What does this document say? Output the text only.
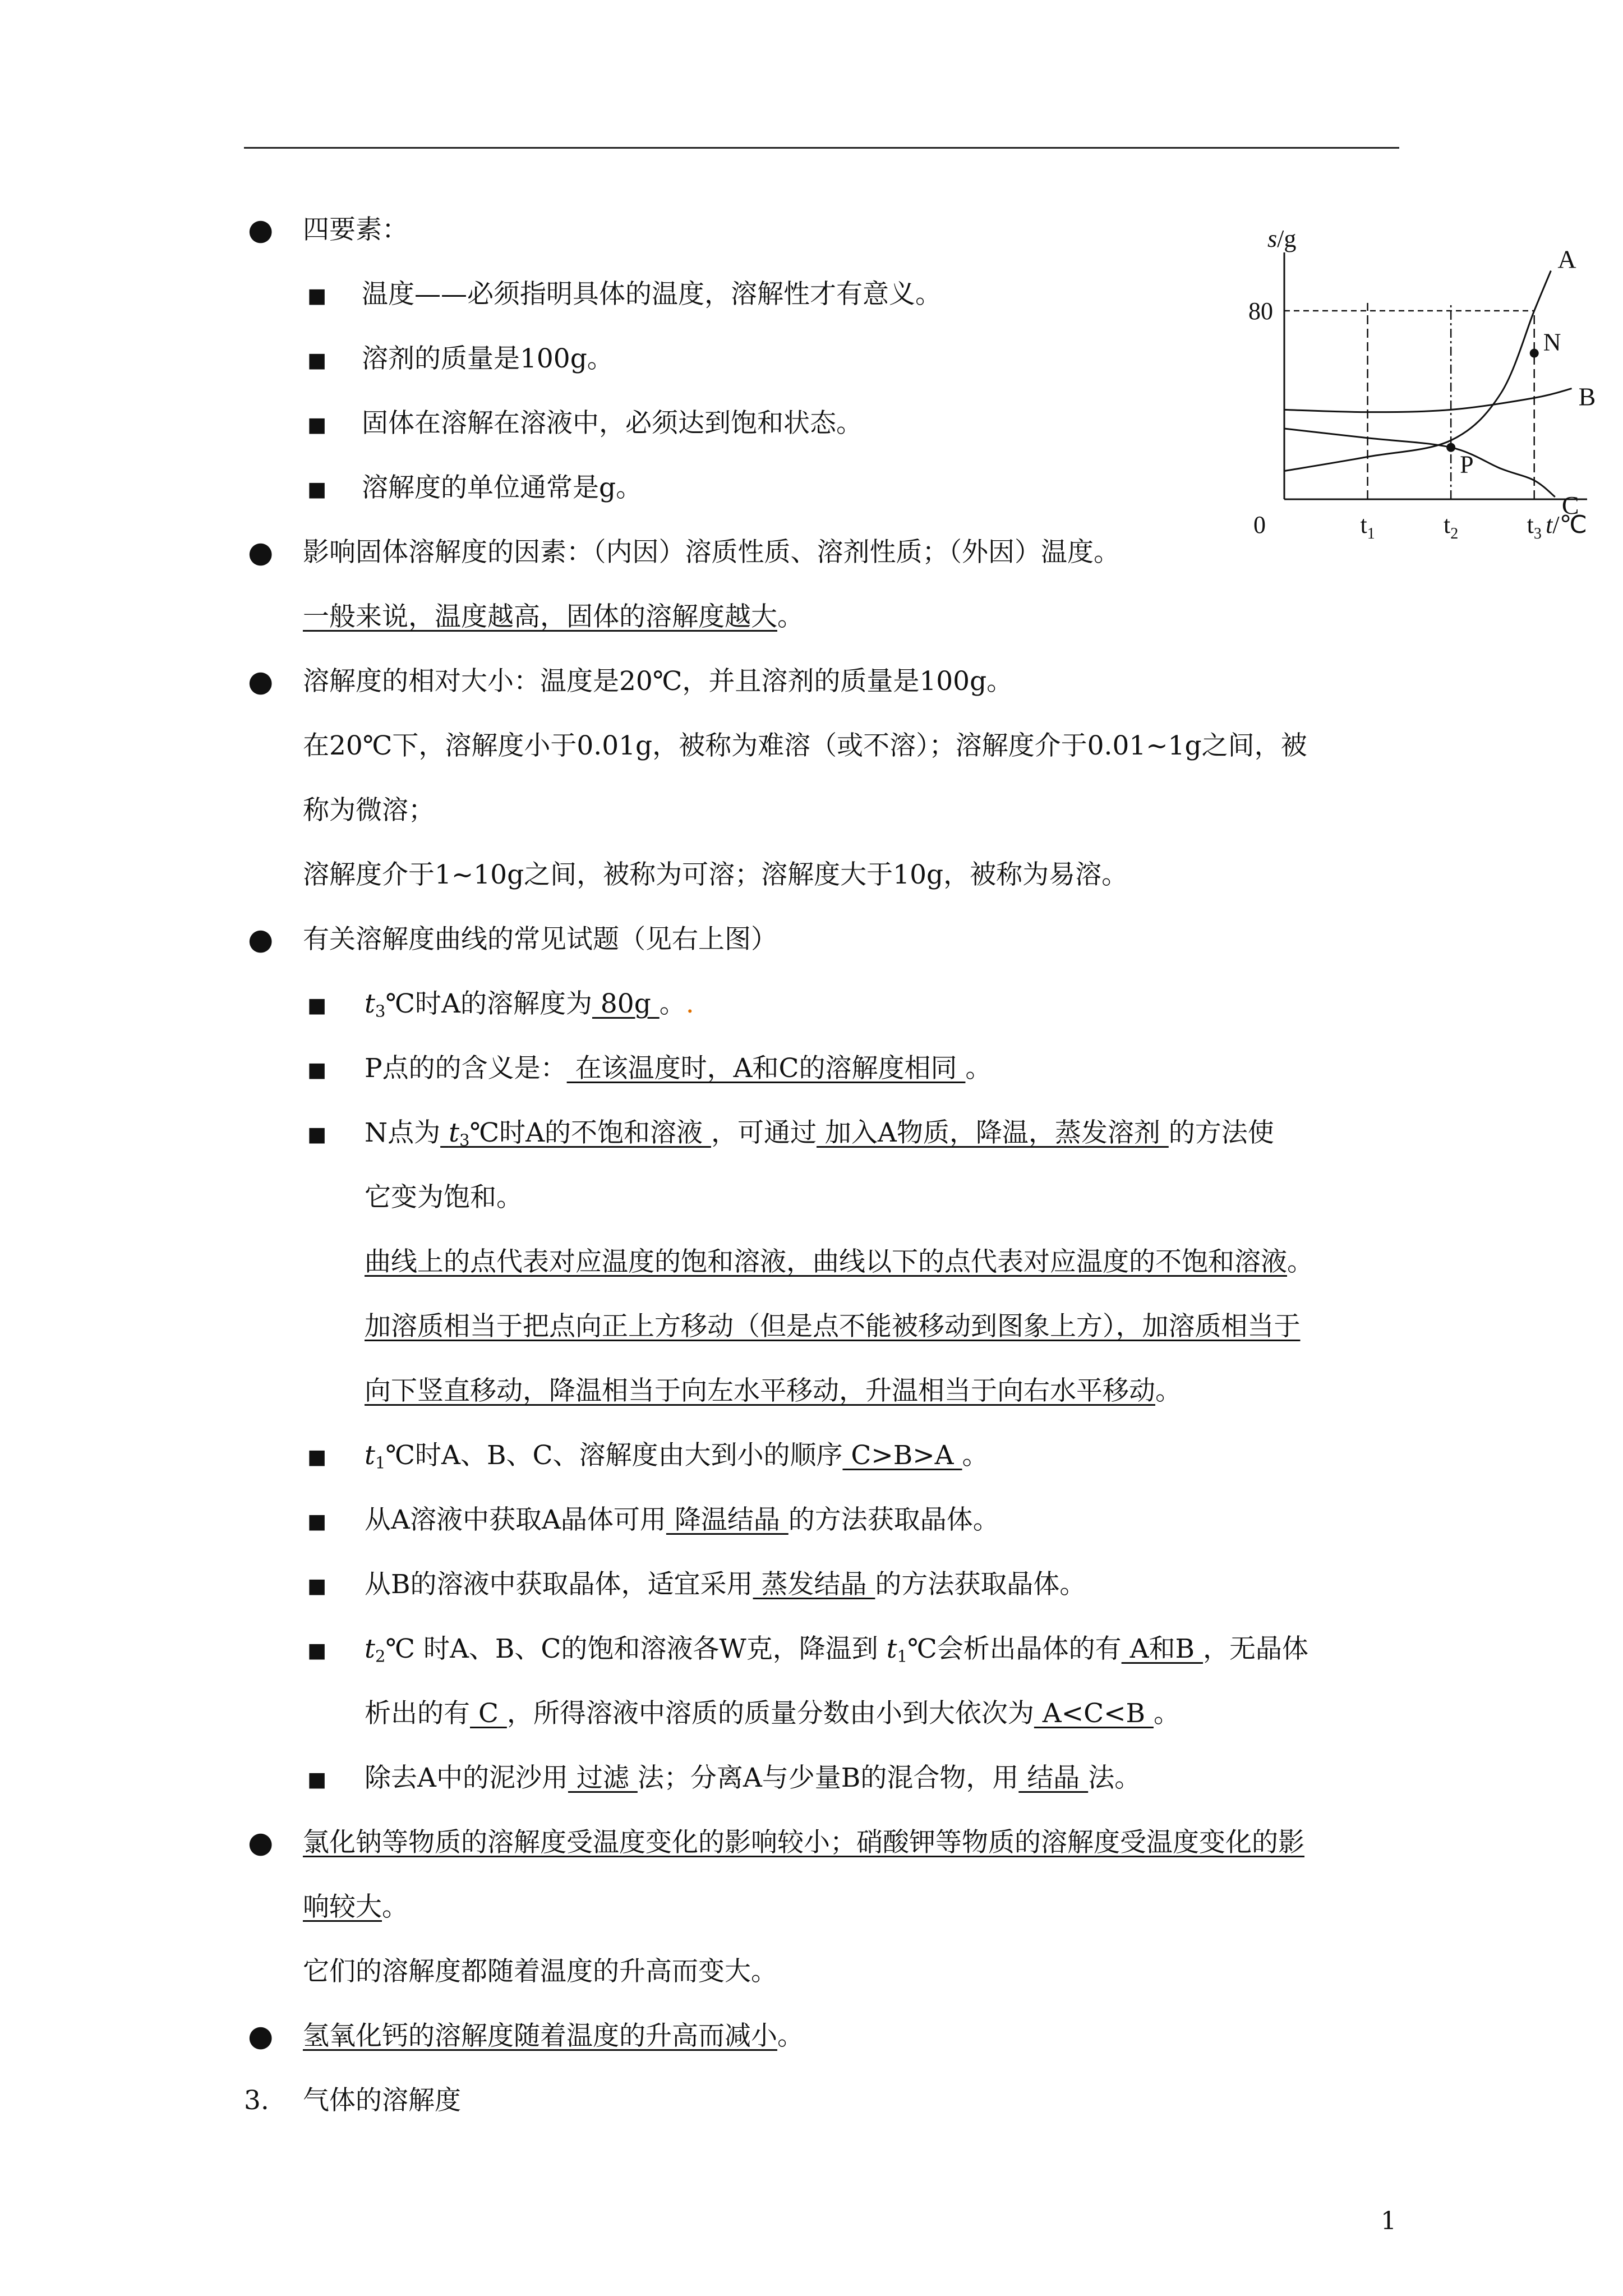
● 四要素：
■ 温度——必须指明具体的温度，溶解性才有意义。
■ 溶剂的质量是100g。
■ 固体在溶解在溶液中，必须达到饱和状态。
■ 溶解度的单位通常是g。
● 影响固体溶解度的因素：（内因）溶质性质、溶剂性质；（外因）温度。
一般来说，温度越高，固体的溶解度越大。
● 溶解度的相对大小：温度是20℃，并且溶剂的质量是100g。
在20℃下，溶解度小于0.01g，被称为难溶（或不溶）；溶解度介于0.01~1g之间，被
称为微溶；
溶解度介于1~10g之间，被称为可溶；溶解度大于10g，被称为易溶。
● 有关溶解度曲线的常见试题（见右上图）
■ $t_3℃$时A的溶解度为 80g 。.
■ P点的的含义是： 在该温度时，A和C的溶解度相同 。
■ N点为 $t_3℃$时A的不饱和溶液 ，可通过 加入A物质，降温，蒸发溶剂 的方法使
它变为饱和。
曲线上的点代表对应温度的饱和溶液，曲线以下的点代表对应温度的不饱和溶液。
加溶质相当于把点向正上方移动（但是点不能被移动到图象上方），加溶质相当于
向下竖直移动，降温相当于向左水平移动，升温相当于向右水平移动。
■ $t_1℃$时A、B、C、溶解度由大到小的顺序 C>B>A 。
■ 从A溶液中获取A晶体可用 降温结晶 的方法获取晶体。
■ 从B的溶液中获取晶体，适宜采用 蒸发结晶 的方法获取晶体。
■ $t_2℃$ 时A、B、C的饱和溶液各W克，降温到 $t_1℃$会析出晶体的有 A和B ，无晶体
析出的有 C ，所得溶液中溶质的质量分数由小到大依次为 A<C<B 。
■ 除去A中的泥沙用 过滤 法；分离A与少量B的混合物，用 结晶 法。
● 氯化钠等物质的溶解度受温度变化的影响较小；硝酸钾等物质的溶解度受温度变化的影
响较大。
它们的溶解度都随着温度的升高而变大。
● 氢氧化钙的溶解度随着温度的升高而减小。
3. 气体的溶解度
1
s/g
t/℃
0
80
$t_1$	$t_2$	$t_3$
A
B
C
N
P
